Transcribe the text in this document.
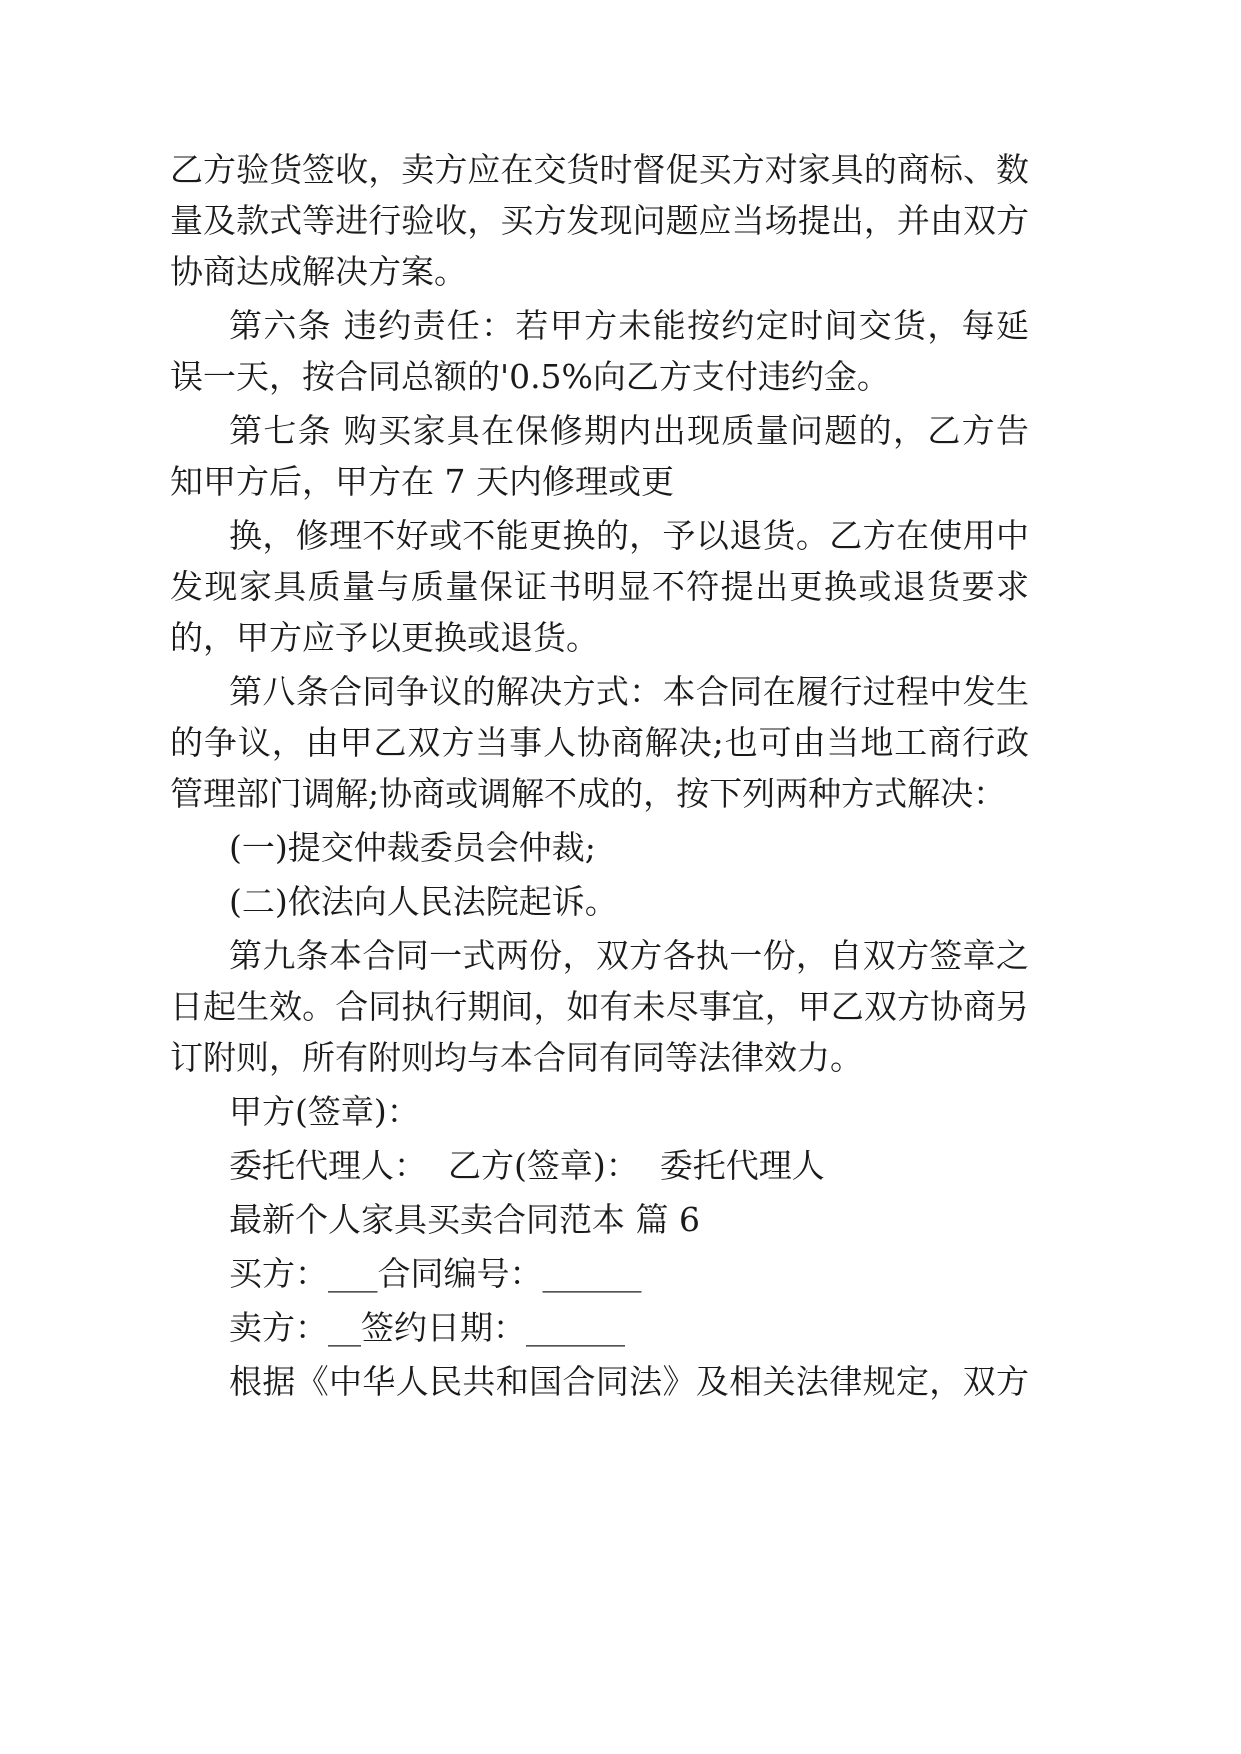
乙方验货签收，卖方应在交货时督促买方对家具的商标、数

量及款式等进行验收，买方发现问题应当场提出，并由双方

协商达成解决方案。

第六条 违约责任：若甲方未能按约定时间交货，每延

误一天，按合同总额的'0.5%向乙方支付违约金。

第七条 购买家具在保修期内出现质量问题的，乙方告

知甲方后，甲方在 7 天内修理或更

换，修理不好或不能更换的，予以退货。乙方在使用中

发现家具质量与质量保证书明显不符提出更换或退货要求

的，甲方应予以更换或退货。

第八条合同争议的解决方式：本合同在履行过程中发生

的争议，由甲乙双方当事人协商解决;也可由当地工商行政

管理部门调解;协商或调解不成的，按下列两种方式解决：

(一)提交仲裁委员会仲裁;

(二)依法向人民法院起诉。

第九条本合同一式两份，双方各执一份，自双方签章之

日起生效。合同执行期间，如有未尽事宜，甲乙双方协商另

订附则，所有附则均与本合同有同等法律效力。

甲方(签章)：

委托代理人：  乙方(签章)：  委托代理人

最新个人家具买卖合同范本 篇 6

买方：___合同编号：______

卖方：__签约日期：______

根据《中华人民共和国合同法》及相关法律规定，双方
